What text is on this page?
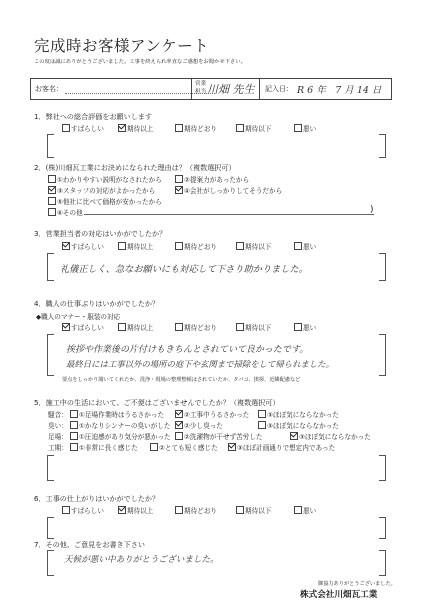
完成時お客様アンケート
この度は誠にありがとうございました。工事を終えられ率直なご感想をお聞かせ下さい。
お客名：
営業
担当 川畑 先生 記入日： R 6 年　7 月 14 日
1．弊社への総合評価をお願いします
すばらしい	期待以上	期待どおり	期待以下	悪い
2．(株)川畑瓦工業にお決めになられた理由は？（複数選択可）
①わかりやすい説明がなされたから	②提案力があったから
③スタッフの対応がよかったから	④会社がしっかりしてそうだから
⑤他社に比べて価格が安かったから
⑥その他	)
3．営業担当者の対応はいかがでしたか？
すばらしい	期待以上	期待どおり	期待以下	悪い
礼儀正しく、急なお願いにも対応して下さり助かりました。
4．職人の仕事ぶりはいかがでしたか？
◆職人のマナー・服装の対応
すばらしい	期待以上	期待どおり	期待以下	悪い
挨拶や作業後の片付けもきちんとされていて良かったです。
最終日には工事以外の場所の庭下や玄関まで掃除をして帰られました。
要点をしっかり聞いてくれたか、洗浄・現場の整理整頓はされていたか、タバコ、挨拶、近隣配慮など
5．施工中の生活において、ご不便はございませんでしたか？（複数選択可）
騒音：	①足場作業時はうるさかった	②工事中うるさかった	③ほぼ気にならなかった
臭い：	①かなりシンナーの臭いがした	②少し臭った	③ほぼ気にならなかった
足場：	①圧迫感があり気分が悪かった	②洗濯物が干せず苦労した	③ほぼ気にならなかった
工期：	①非常に長く感じた	②とても短く感じた	③ほぼ計画通りで想定内であった
6．工事の仕上がりはいかがでしたか？
すばらしい	期待以上	期待どおり	期待以下	悪い
7．その他、ご意見をお書き下さい
天候が悪い中ありがとうございました。
御協力ありがとうございました。
株式会社川畑瓦工業
